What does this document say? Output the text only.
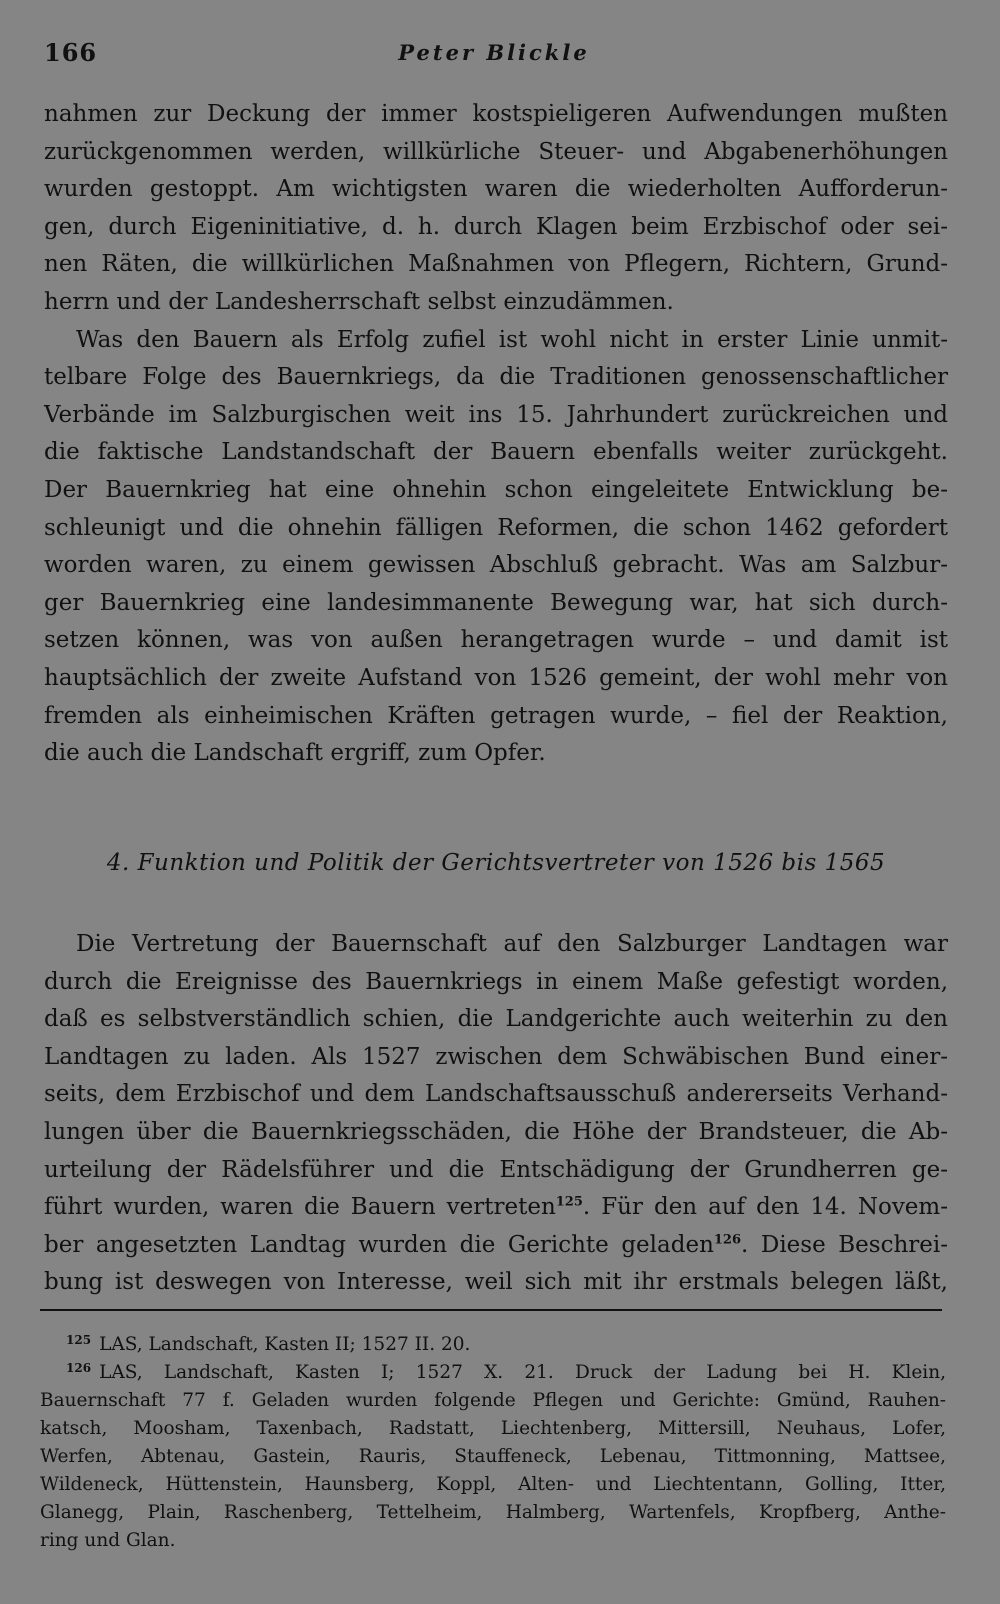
166	Peter Blickle
nahmen zur Deckung der immer kostspieligeren Aufwendungen mußten
zurückgenommen werden, willkürliche Steuer- und Abgabenerhöhungen
wurden gestoppt. Am wichtigsten waren die wiederholten Aufforderun-
gen, durch Eigeninitiative, d. h. durch Klagen beim Erzbischof oder sei-
nen Räten, die willkürlichen Maßnahmen von Pflegern, Richtern, Grund-
herrn und der Landesherrschaft selbst einzudämmen.
Was den Bauern als Erfolg zufiel ist wohl nicht in erster Linie unmit-
telbare Folge des Bauernkriegs, da die Traditionen genossenschaftlicher
Verbände im Salzburgischen weit ins 15. Jahrhundert zurückreichen und
die faktische Landstandschaft der Bauern ebenfalls weiter zurückgeht.
Der Bauernkrieg hat eine ohnehin schon eingeleitete Entwicklung be-
schleunigt und die ohnehin fälligen Reformen, die schon 1462 gefordert
worden waren, zu einem gewissen Abschluß gebracht. Was am Salzbur-
ger Bauernkrieg eine landesimmanente Bewegung war, hat sich durch-
setzen können, was von außen herangetragen wurde – und damit ist
hauptsächlich der zweite Aufstand von 1526 gemeint, der wohl mehr von
fremden als einheimischen Kräften getragen wurde, – fiel der Reaktion,
die auch die Landschaft ergriff, zum Opfer.
4. Funktion und Politik der Gerichtsvertreter von 1526 bis 1565
Die Vertretung der Bauernschaft auf den Salzburger Landtagen war
durch die Ereignisse des Bauernkriegs in einem Maße gefestigt worden,
daß es selbstverständlich schien, die Landgerichte auch weiterhin zu den
Landtagen zu laden. Als 1527 zwischen dem Schwäbischen Bund einer-
seits, dem Erzbischof und dem Landschaftsausschuß andererseits Verhand-
lungen über die Bauernkriegsschäden, die Höhe der Brandsteuer, die Ab-
urteilung der Rädelsführer und die Entschädigung der Grundherren ge-
führt wurden, waren die Bauern vertreten$^{125}$. Für den auf den 14. Novem-
ber angesetzten Landtag wurden die Gerichte geladen$^{126}$. Diese Beschrei-
bung ist deswegen von Interesse, weil sich mit ihr erstmals belegen läßt,
$^{125}$ LAS, Landschaft, Kasten II; 1527 II. 20.
$^{126}$ LAS, Landschaft, Kasten I; 1527 X. 21. Druck der Ladung bei H. Klein,
Bauernschaft 77 f. Geladen wurden folgende Pflegen und Gerichte: Gmünd, Rauhen-
katsch, Moosham, Taxenbach, Radstatt, Liechtenberg, Mittersill, Neuhaus, Lofer,
Werfen, Abtenau, Gastein, Rauris, Stauffeneck, Lebenau, Tittmonning, Mattsee,
Wildeneck, Hüttenstein, Haunsberg, Koppl, Alten- und Liechtentann, Golling, Itter,
Glanegg, Plain, Raschenberg, Tettelheim, Halmberg, Wartenfels, Kropfberg, Anthe-
ring und Glan.
